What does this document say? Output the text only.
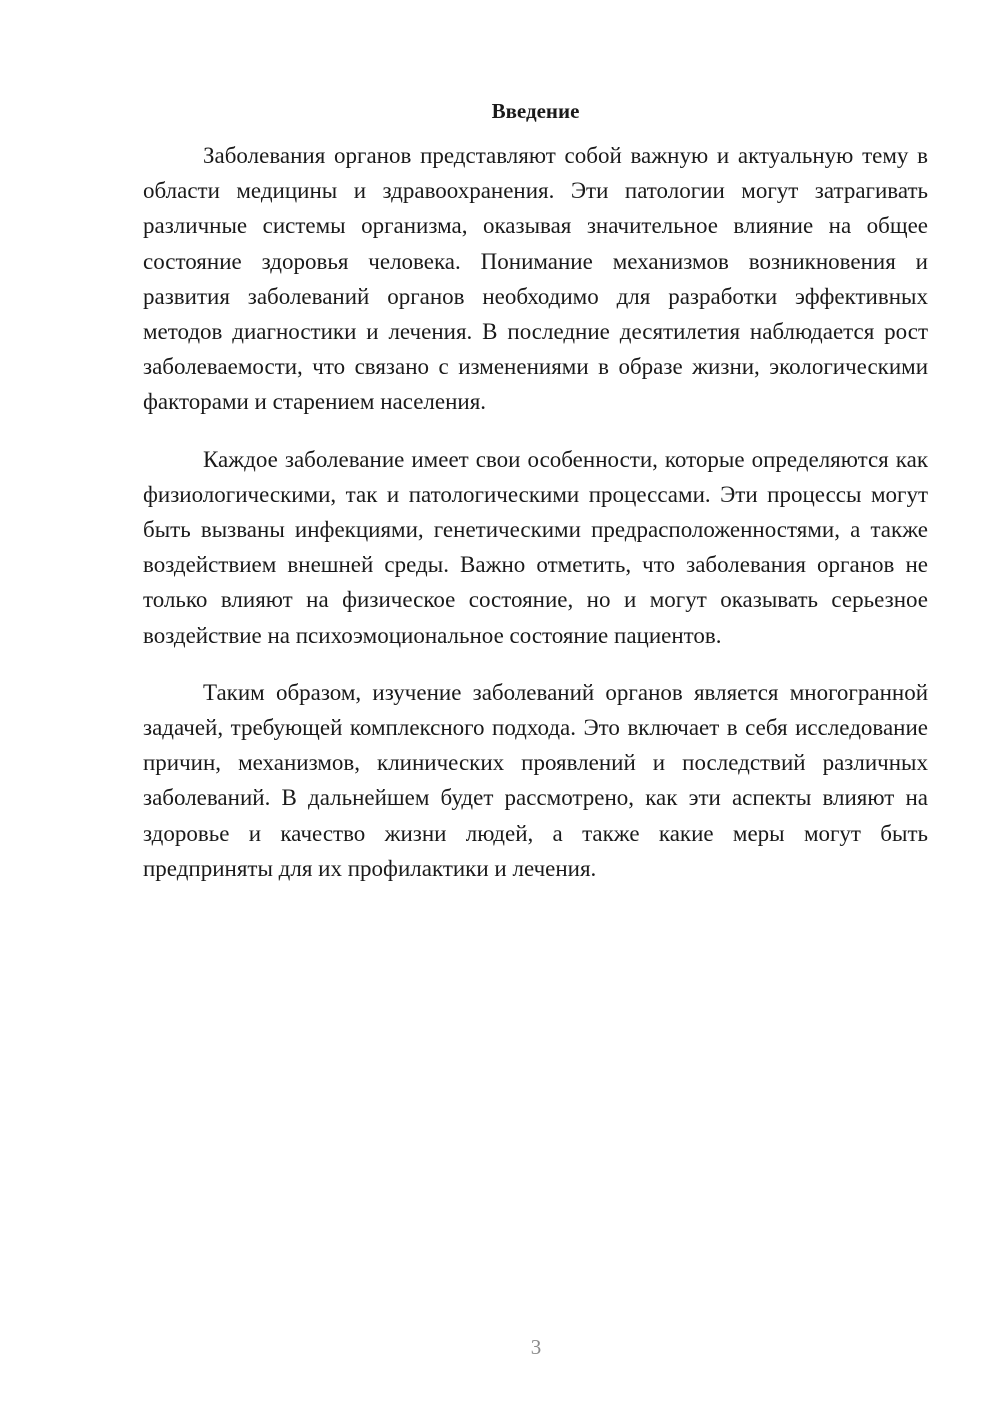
Введение

Заболевания органов представляют собой важную и актуальную тему в области медицины и здравоохранения. Эти патологии могут затрагивать различные системы организма, оказывая значительное влияние на общее состояние здоровья человека. Понимание механизмов возникновения и развития заболеваний органов необходимо для разработки эффективных методов диагностики и лечения. В последние десятилетия наблюдается рост заболеваемости, что связано с изменениями в образе жизни, экологическими факторами и старением населения.

Каждое заболевание имеет свои особенности, которые определяются как физиологическими, так и патологическими процессами. Эти процессы могут быть вызваны инфекциями, генетическими предрасположенностями, а также воздействием внешней среды. Важно отметить, что заболевания органов не только влияют на физическое состояние, но и могут оказывать серьезное воздействие на психоэмоциональное состояние пациентов.

Таким образом, изучение заболеваний органов является многогранной задачей, требующей комплексного подхода. Это включает в себя исследование причин, механизмов, клинических проявлений и последствий различных заболеваний. В дальнейшем будет рассмотрено, как эти аспекты влияют на здоровье и качество жизни людей, а также какие меры могут быть предприняты для их профилактики и лечения.

3
